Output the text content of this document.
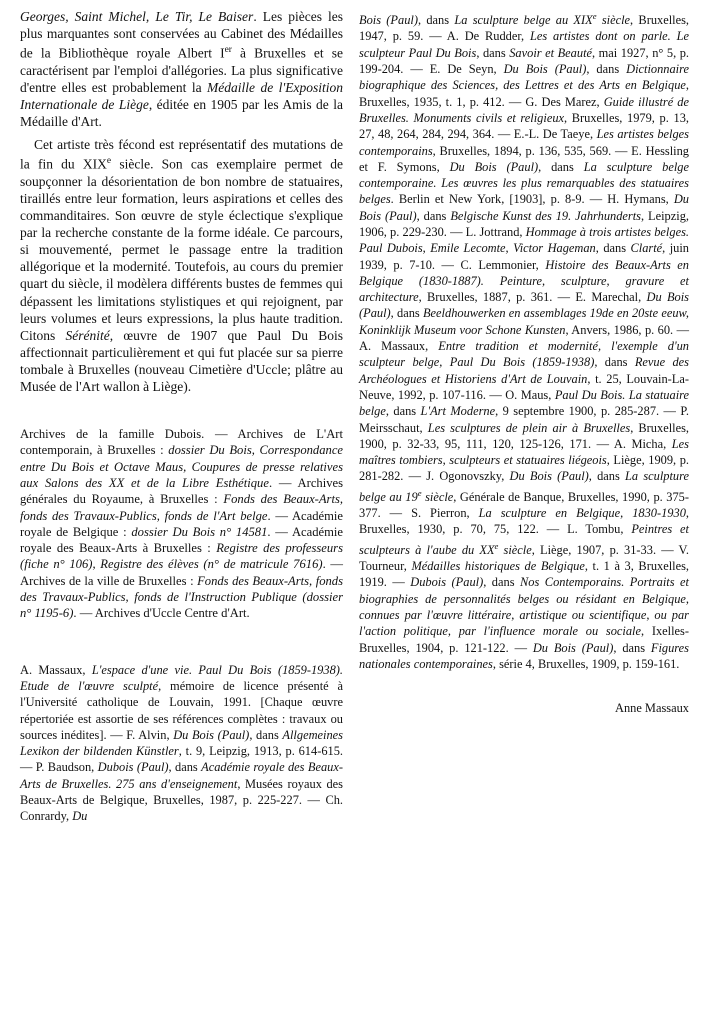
Georges, Saint Michel, Le Tir, Le Baiser. Les pièces les plus marquantes sont conservées au Cabinet des Médailles de la Bibliothèque royale Albert Ier à Bruxelles et se caractérisent par l'emploi d'allégories. La plus significative d'entre elles est probablement la Médaille de l'Exposition Internationale de Liège, éditée en 1905 par les Amis de la Médaille d'Art.

Cet artiste très fécond est représentatif des mutations de la fin du XIXe siècle. Son cas exemplaire permet de soupçonner la désorientation de bon nombre de statuaires, tiraillés entre leur formation, leurs aspirations et celles des commanditaires. Son œuvre de style éclectique s'explique par la recherche constante de la forme idéale. Ce parcours, si mouvementé, permet le passage entre la tradition allégorique et la modernité. Toutefois, au cours du premier quart du siècle, il modèlera différents bustes de femmes qui dépassent les limitations stylistiques et qui rejoignent, par leurs volumes et leurs expressions, la plus haute tradition. Citons Sérénité, œuvre de 1907 que Paul Du Bois affectionnait particulièrement et qui fut placée sur sa pierre tombale à Bruxelles (nouveau Cimetière d'Uccle; plâtre au Musée de l'Art wallon à Liège).

Archives de la famille Dubois. — Archives de L'Art contemporain, à Bruxelles : dossier Du Bois, Correspondance entre Du Bois et Octave Maus, Coupures de presse relatives aux Salons des XX et de la Libre Esthétique. — Archives générales du Royaume, à Bruxelles : Fonds des Beaux-Arts, fonds des Travaux-Publics, fonds de l'Art belge. — Académie royale de Belgique : dossier Du Bois n° 14581. — Académie royale des Beaux-Arts à Bruxelles : Registre des professeurs (fiche n° 106), Registre des élèves (n° de matricule 7616). — Archives de la ville de Bruxelles : Fonds des Beaux-Arts, fonds des Travaux-Publics, fonds de l'Instruction Publique (dossier n° 1195-6). — Archives d'Uccle Centre d'Art.

A. Massaux, L'espace d'une vie. Paul Du Bois (1859-1938). Etude de l'œuvre sculpté, mémoire de licence présenté à l'Université catholique de Louvain, 1991. [Chaque œuvre répertoriée est assortie de ses références complètes : travaux ou sources inédites]. — F. Alvin, Du Bois (Paul), dans Allgemeines Lexikon der bildenden Künstler, t. 9, Leipzig, 1913, p. 614-615. — P. Baudson, Dubois (Paul), dans Académie royale des Beaux-Arts de Bruxelles. 275 ans d'enseignement, Musées royaux des Beaux-Arts de Belgique, Bruxelles, 1987, p. 225-227. — Ch. Conrardy, Du

Bois (Paul), dans La sculpture belge au XIXe siècle, Bruxelles, 1947, p. 59. — A. De Rudder, Les artistes dont on parle. Le sculpteur Paul Du Bois, dans Savoir et Beauté, mai 1927, n° 5, p. 199-204. — E. De Seyn, Du Bois (Paul), dans Dictionnaire biographique des Sciences, des Lettres et des Arts en Belgique, Bruxelles, 1935, t. 1, p. 412. — G. Des Marez, Guide illustré de Bruxelles. Monuments civils et religieux, Bruxelles, 1979, p. 13, 27, 48, 264, 284, 294, 364. — E.-L. De Taeye, Les artistes belges contemporains, Bruxelles, 1894, p. 136, 535, 569. — E. Hessling et F. Symons, Du Bois (Paul), dans La sculpture belge contemporaine. Les œuvres les plus remarquables des statuaires belges. Berlin et New York, [1903], p. 8-9. — H. Hymans, Du Bois (Paul), dans Belgische Kunst des 19. Jahrhunderts, Leipzig, 1906, p. 229-230. — L. Jottrand, Hommage à trois artistes belges. Paul Dubois, Emile Lecomte, Victor Hageman, dans Clarté, juin 1939, p. 7-10. — C. Lemmonier, Histoire des Beaux-Arts en Belgique (1830-1887). Peinture, sculpture, gravure et architecture, Bruxelles, 1887, p. 361. — E. Marechal, Du Bois (Paul), dans Beeldhouwerken en assemblages 19de en 20ste eeuw, Koninklijk Museum voor Schone Kunsten, Anvers, 1986, p. 60. — A. Massaux, Entre tradition et modernité, l'exemple d'un sculpteur belge, Paul Du Bois (1859-1938), dans Revue des Archéologues et Historiens d'Art de Louvain, t. 25, Louvain-La-Neuve, 1992, p. 107-116. — O. Maus, Paul Du Bois. La statuaire belge, dans L'Art Moderne, 9 septembre 1900, p. 285-287. — P. Meirsschaut, Les sculptures de plein air à Bruxelles, Bruxelles, 1900, p. 32-33, 95, 111, 120, 125-126, 171. — A. Micha, Les maîtres tombiers, sculpteurs et statuaires liégeois, Liège, 1909, p. 281-282. — J. Ogonovszky, Du Bois (Paul), dans La sculpture belge au 19e siècle, Générale de Banque, Bruxelles, 1990, p. 375-377. — S. Pierron, La sculpture en Belgique, 1830-1930, Bruxelles, 1930, p. 70, 75, 122. — L. Tombu, Peintres et sculpteurs à l'aube du XXe siècle, Liège, 1907, p. 31-33. — V. Tourneur, Médailles historiques de Belgique, t. 1 à 3, Bruxelles, 1919. — Dubois (Paul), dans Nos Contemporains. Portraits et biographies de personnalités belges ou résidant en Belgique, connues par l'œuvre littéraire, artistique ou scientifique, ou par l'action politique, par l'influence morale ou sociale, Ixelles-Bruxelles, 1904, p. 121-122. — Du Bois (Paul), dans Figures nationales contemporaines, série 4, Bruxelles, 1909, p. 159-161.

Anne Massaux
